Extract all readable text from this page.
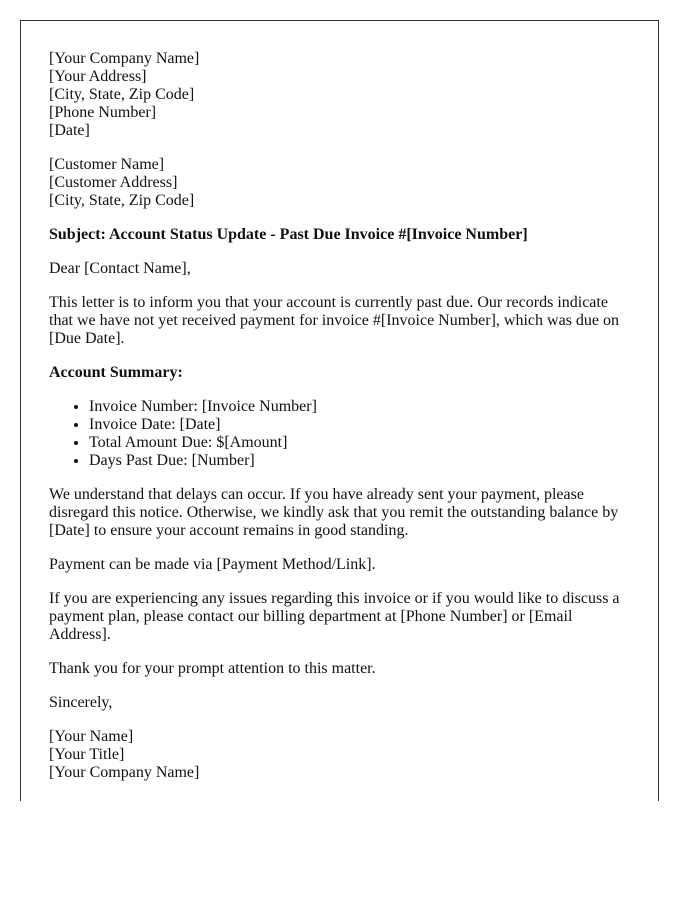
[Your Company Name]
[Your Address]
[City, State, Zip Code]
[Phone Number]
[Date]
[Customer Name]
[Customer Address]
[City, State, Zip Code]

Subject: Account Status Update - Past Due Invoice #[Invoice Number]

Dear [Contact Name],

This letter is to inform you that your account is currently past due. Our records indicate that we have not yet received payment for invoice #[Invoice Number], which was due on [Due Date].

Account Summary:

• Invoice Number: [Invoice Number]
• Invoice Date: [Date]
• Total Amount Due: $[Amount]
• Days Past Due: [Number]

We understand that delays can occur. If you have already sent your payment, please disregard this notice. Otherwise, we kindly ask that you remit the outstanding balance by [Date] to ensure your account remains in good standing.

Payment can be made via [Payment Method/Link].

If you are experiencing any issues regarding this invoice or if you would like to discuss a payment plan, please contact our billing department at [Phone Number] or [Email Address].

Thank you for your prompt attention to this matter.

Sincerely,

[Your Name]
[Your Title]
[Your Company Name]
